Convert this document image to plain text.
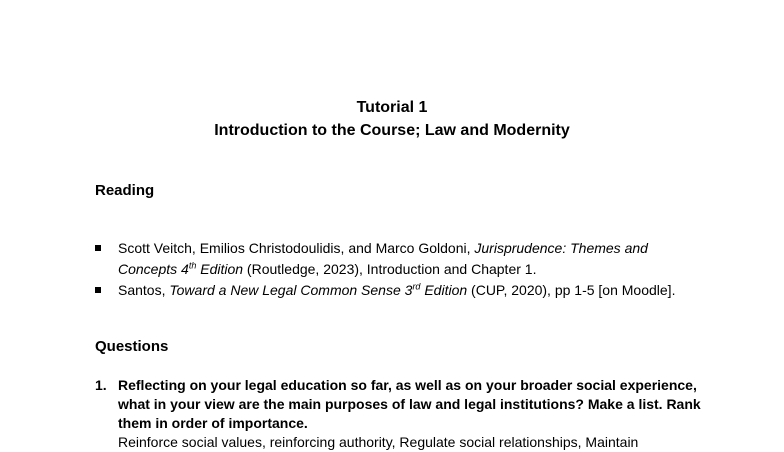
Tutorial 1
Introduction to the Course; Law and Modernity
Reading
Scott Veitch, Emilios Christodoulidis, and Marco Goldoni, Jurisprudence: Themes and Concepts 4th Edition (Routledge, 2023), Introduction and Chapter 1.
Santos, Toward a New Legal Common Sense 3rd Edition (CUP, 2020), pp 1-5 [on Moodle].
Questions
1. Reflecting on your legal education so far, as well as on your broader social experience, what in your view are the main purposes of law and legal institutions? Make a list. Rank them in order of importance.
Reinforce social values, reinforcing authority, Regulate social relationships, Maintain
